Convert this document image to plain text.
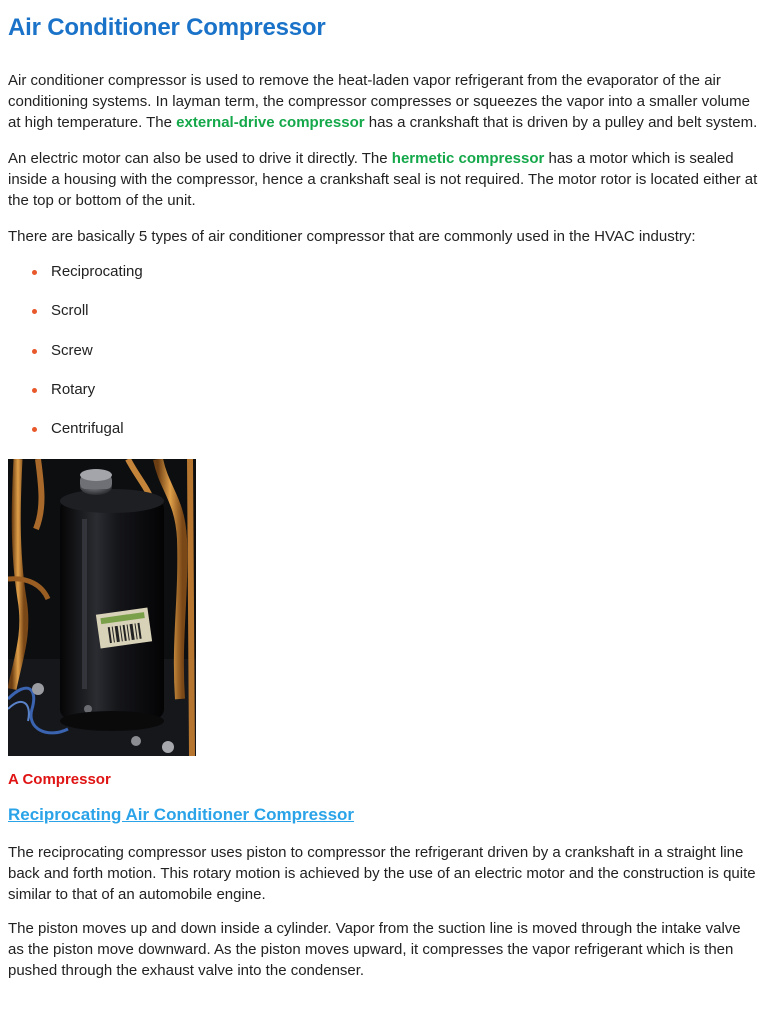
Air Conditioner Compressor

Air conditioner compressor is used to remove the heat-laden vapor refrigerant from the evaporator of the air conditioning systems. In layman term, the compressor compresses or squeezes the vapor into a smaller volume at high temperature. The external-drive compressor has a crankshaft that is driven by a pulley and belt system.

An electric motor can also be used to drive it directly. The hermetic compressor has a motor which is sealed inside a housing with the compressor, hence a crankshaft seal is not required. The motor rotor is located either at the top or bottom of the unit.

There are basically 5 types of air conditioner compressor that are commonly used in the HVAC industry:

Reciprocating
Scroll
Screw
Rotary
Centrifugal

A Compressor

Reciprocating Air Conditioner Compressor

The reciprocating compressor uses piston to compressor the refrigerant driven by a crankshaft in a straight line back and forth motion. This rotary motion is achieved by the use of an electric motor and the construction is quite similar to that of an automobile engine.

The piston moves up and down inside a cylinder. Vapor from the suction line is moved through the intake valve as the piston move downward. As the piston moves upward, it compresses the vapor refrigerant which is then pushed through the exhaust valve into the condenser.
